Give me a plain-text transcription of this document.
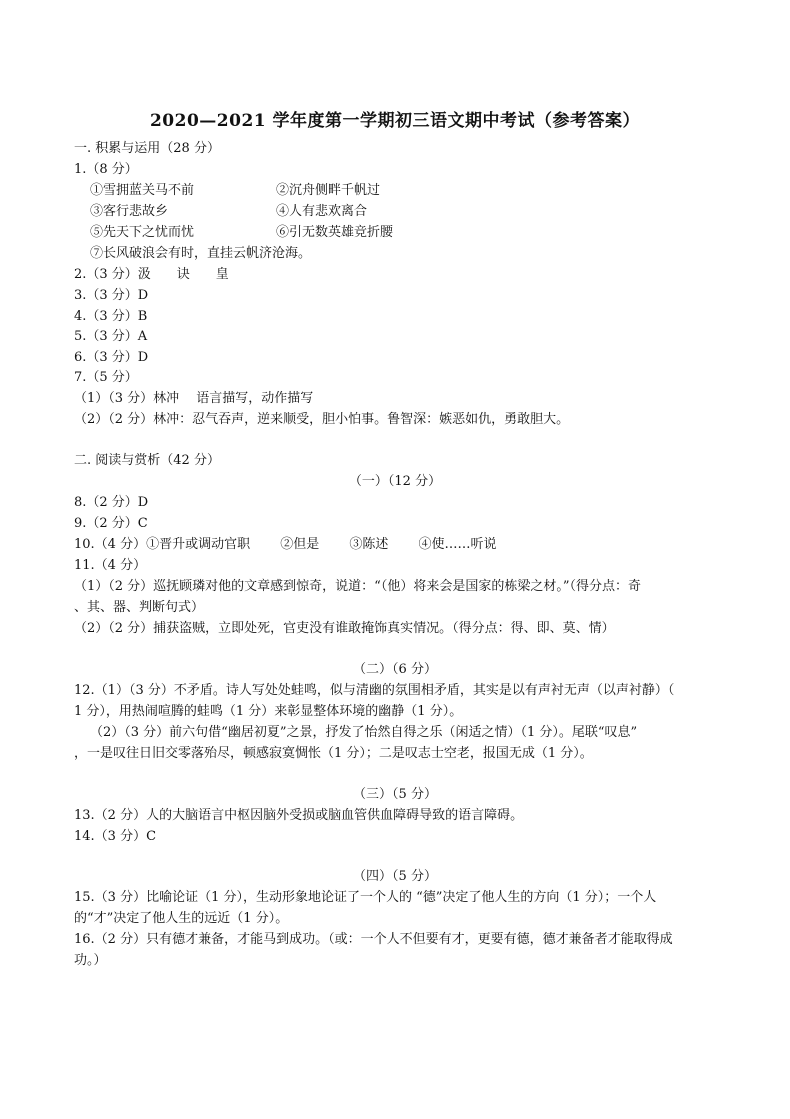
2020—2021 学年度第一学期初三语文期中考试（参考答案）
一. 积累与运用（28 分）
1.（8 分）
①雪拥蓝关马不前	②沉舟侧畔千帆过
③客行悲故乡	④人有悲欢离合
⑤先天下之忧而忧	⑥引无数英雄竞折腰
⑦长风破浪会有时，直挂云帆济沧海。
2.（3 分）汲　　诀　　皇
3.（3 分）D
4.（3 分）B
5.（3 分）A
6.（3 分）D
7.（5 分）
（1）（3 分）林冲　 语言描写，动作描写
（2）（2 分）林冲：忍气吞声，逆来顺受，胆小怕事。鲁智深：嫉恶如仇，勇敢胆大。
二. 阅读与赏析（42 分）
（一）（12 分）
8.（2 分）D
9.（2 分）C
10.（4 分）①晋升或调动官职　　 ②但是　　 ③陈述　　 ④使……听说
11.（4 分）
（1）（2 分）巡抚顾璘对他的文章感到惊奇，说道：“（他）将来会是国家的栋梁之材。”（得分点：奇
、其、器、判断句式）
（2）（2 分）捕获盗贼，立即处死，官吏没有谁敢掩饰真实情况。（得分点：得、即、莫、情）
（二）（6 分）
12.（1）（3 分）不矛盾。诗人写处处蛙鸣，似与清幽的氛围相矛盾，其实是以有声衬无声（以声衬静）（
1 分），用热闹喧腾的蛙鸣（1 分）来彰显整体环境的幽静（1 分）。
（2）（3 分）前六句借“幽居初夏”之景，抒发了怡然自得之乐（闲适之情）（1 分）。尾联“叹息”
，一是叹往日旧交零落殆尽，顿感寂寞惆怅（1 分）；二是叹志士空老，报国无成（1 分）。
（三）（5 分）
13.（2 分）人的大脑语言中枢因脑外受损或脑血管供血障碍导致的语言障碍。
14.（3 分）C
（四）（5 分）
15.（3 分）比喻论证（1 分），生动形象地论证了一个人的 “德”决定了他人生的方向（1 分）；一个人
的“才”决定了他人生的远近（1 分）。
16.（2 分）只有德才兼备，才能马到成功。（或：一个人不但要有才，更要有德，德才兼备者才能取得成
功。）
